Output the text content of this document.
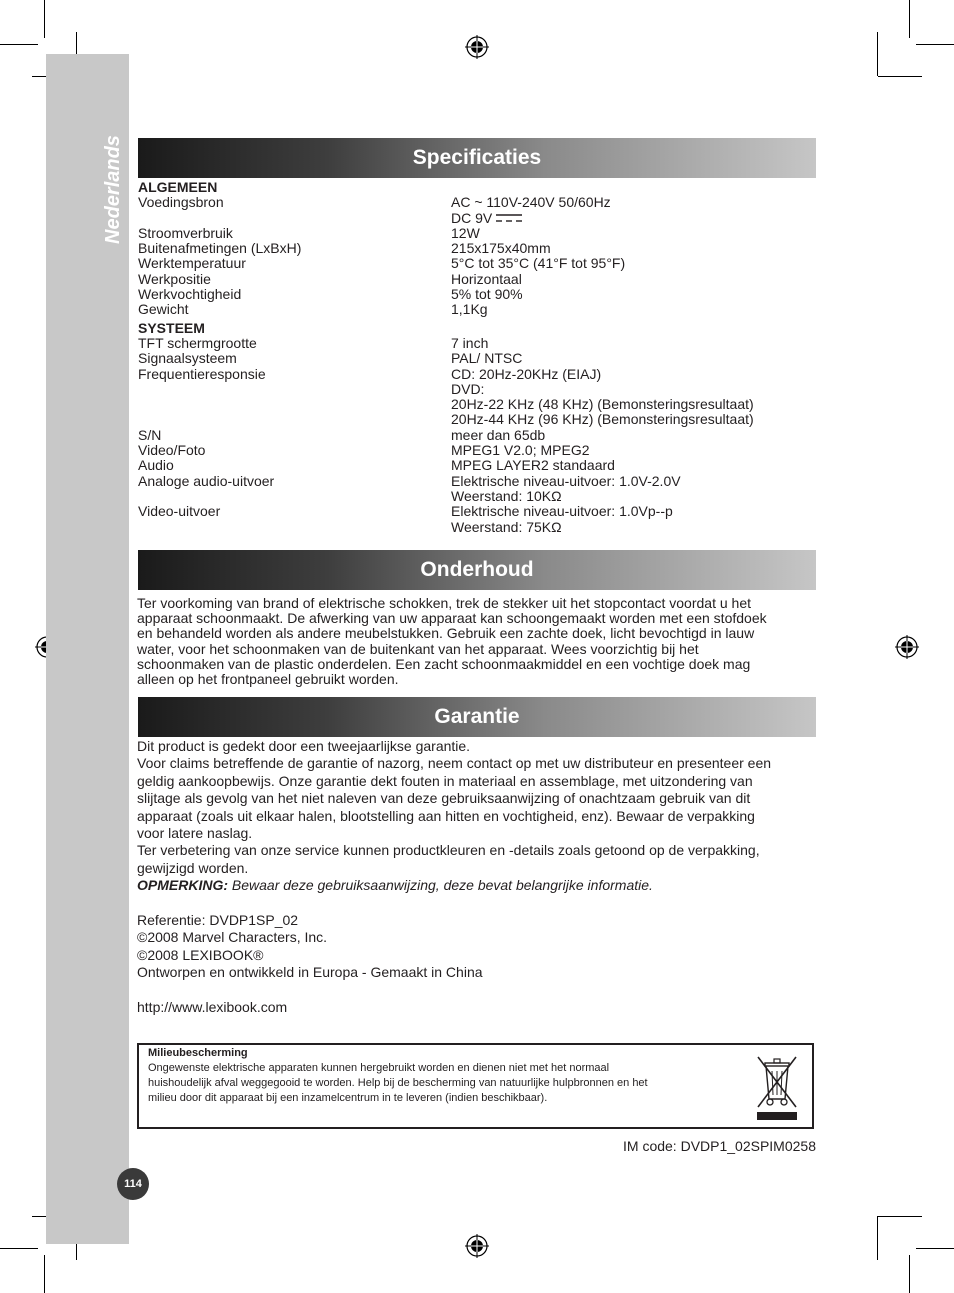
Nederlands
114
Specificaties
ALGEMEEN
Voedingsbron	AC ~ 110V-240V 50/60Hz
DC 9V
Stroomverbruik	12W
Buitenafmetingen (LxBxH)	215x175x40mm
Werktemperatuur	5°C tot 35°C (41°F tot 95°F)
Werkpositie	Horizontaal
Werkvochtigheid	5% tot 90%
Gewicht	1,1Kg
SYSTEEM
TFT schermgrootte	7 inch
Signaalsysteem	PAL/ NTSC
Frequentieresponsie	CD: 20Hz-20KHz (EIAJ)
DVD:
20Hz-22 KHz (48 KHz) (Bemonsteringsresultaat)
20Hz-44 KHz (96 KHz) (Bemonsteringsresultaat)
S/N	meer dan 65db
Video/Foto	MPEG1 V2.0; MPEG2
Audio	MPEG LAYER2 standaard
Analoge audio-uitvoer	Elektrische niveau-uitvoer: 1.0V-2.0V
Weerstand: 10KΩ
Video-uitvoer	Elektrische niveau-uitvoer: 1.0Vp--p
Weerstand: 75KΩ
Onderhoud
Ter voorkoming van brand of elektrische schokken, trek de stekker uit het stopcontact voordat u het
apparaat schoonmaakt. De afwerking van uw apparaat kan schoongemaakt worden met een stofdoek
en behandeld worden als andere meubelstukken. Gebruik een zachte doek, licht bevochtigd in lauw
water, voor het schoonmaken van de buitenkant van het apparaat. Wees voorzichtig bij het
schoonmaken van de plastic onderdelen. Een zacht schoonmaakmiddel en een vochtige doek mag
alleen op het frontpaneel gebruikt worden.
Garantie
Dit product is gedekt door een tweejaarlijkse garantie.
Voor claims betreffende de garantie of nazorg, neem contact op met uw distributeur en presenteer een
geldig aankoopbewijs. Onze garantie dekt fouten in materiaal en assemblage, met uitzondering van
slijtage als gevolg van het niet naleven van deze gebruiksaanwijzing of onachtzaam gebruik van dit
apparaat (zoals uit elkaar halen, blootstelling aan hitten en vochtigheid, enz). Bewaar de verpakking
voor latere naslag.
Ter verbetering van onze service kunnen productkleuren en -details zoals getoond op de verpakking,
gewijzigd worden.
OPMERKING: Bewaar deze gebruiksaanwijzing, deze bevat belangrijke informatie.

Referentie: DVDP1SP_02
©2008 Marvel Characters, Inc.
©2008 LEXIBOOK®
Ontworpen en ontwikkeld in Europa - Gemaakt in China

http://www.lexibook.com
Milieubescherming
Ongewenste elektrische apparaten kunnen hergebruikt worden en dienen niet met het normaal
huishoudelijk afval weggegooid te worden. Help bij de bescherming van natuurlijke hulpbronnen en het
milieu door dit apparaat bij een inzamelcentrum in te leveren (indien beschikbaar).
IM code: DVDP1_02SPIM0258
